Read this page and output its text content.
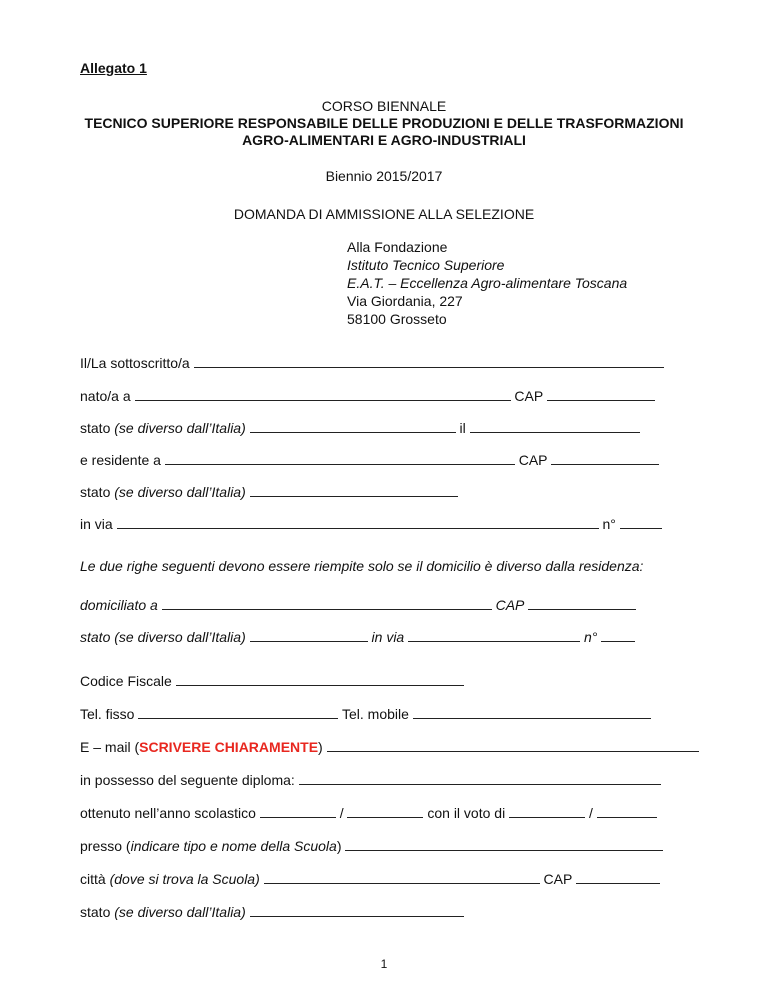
Allegato 1
CORSO BIENNALE
TECNICO SUPERIORE RESPONSABILE DELLE PRODUZIONI E DELLE TRASFORMAZIONI
AGRO-ALIMENTARI E AGRO-INDUSTRIALI
Biennio 2015/2017
DOMANDA DI AMMISSIONE ALLA SELEZIONE
Alla Fondazione
Istituto Tecnico Superiore
E.A.T. – Eccellenza Agro-alimentare Toscana
Via Giordania, 227
58100 Grosseto
Il/La sottoscritto/a
nato/a a	CAP
stato (se diverso dall’Italia)	il
e residente a	CAP
stato (se diverso dall’Italia)
in via	n°
Le due righe seguenti devono essere riempite solo se il domicilio è diverso dalla residenza:
domiciliato a	CAP
stato (se diverso dall’Italia)	in via	n°
Codice Fiscale
Tel. fisso	Tel. mobile
E – mail (SCRIVERE CHIARAMENTE)
in possesso del seguente diploma:
ottenuto nell’anno scolastico	/	con il voto di	/
presso (indicare tipo e nome della Scuola)
città (dove si trova la Scuola)	CAP
stato (se diverso dall’Italia)
1
